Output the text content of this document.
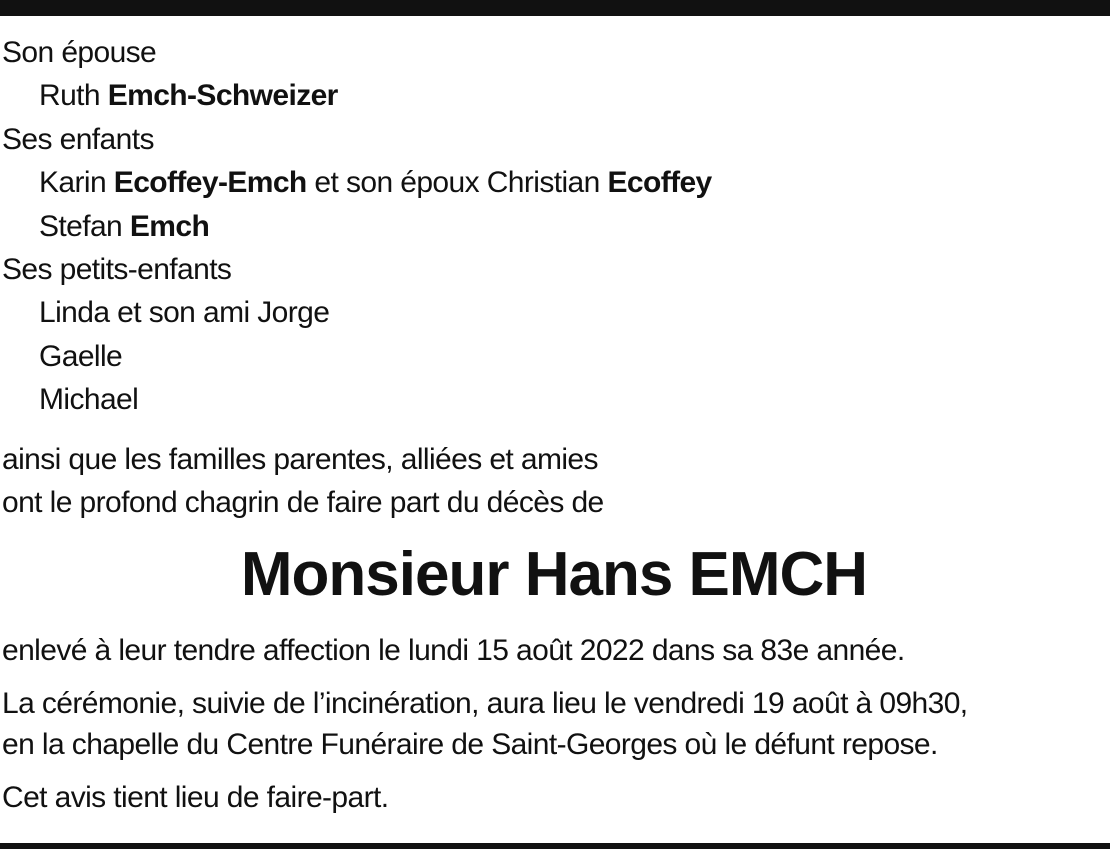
Son épouse
Ruth Emch-Schweizer
Ses enfants
Karin Ecoffey-Emch et son époux Christian Ecoffey
Stefan Emch
Ses petits-enfants
Linda et son ami Jorge
Gaelle
Michael
ainsi que les familles parentes, alliées et amies
ont le profond chagrin de faire part du décès de
Monsieur Hans EMCH
enlevé à leur tendre affection le lundi 15 août 2022 dans sa 83e année.
La cérémonie, suivie de l’incinération, aura lieu le vendredi 19 août à 09h30,
en la chapelle du Centre Funéraire de Saint-Georges où le défunt repose.
Cet avis tient lieu de faire-part.
